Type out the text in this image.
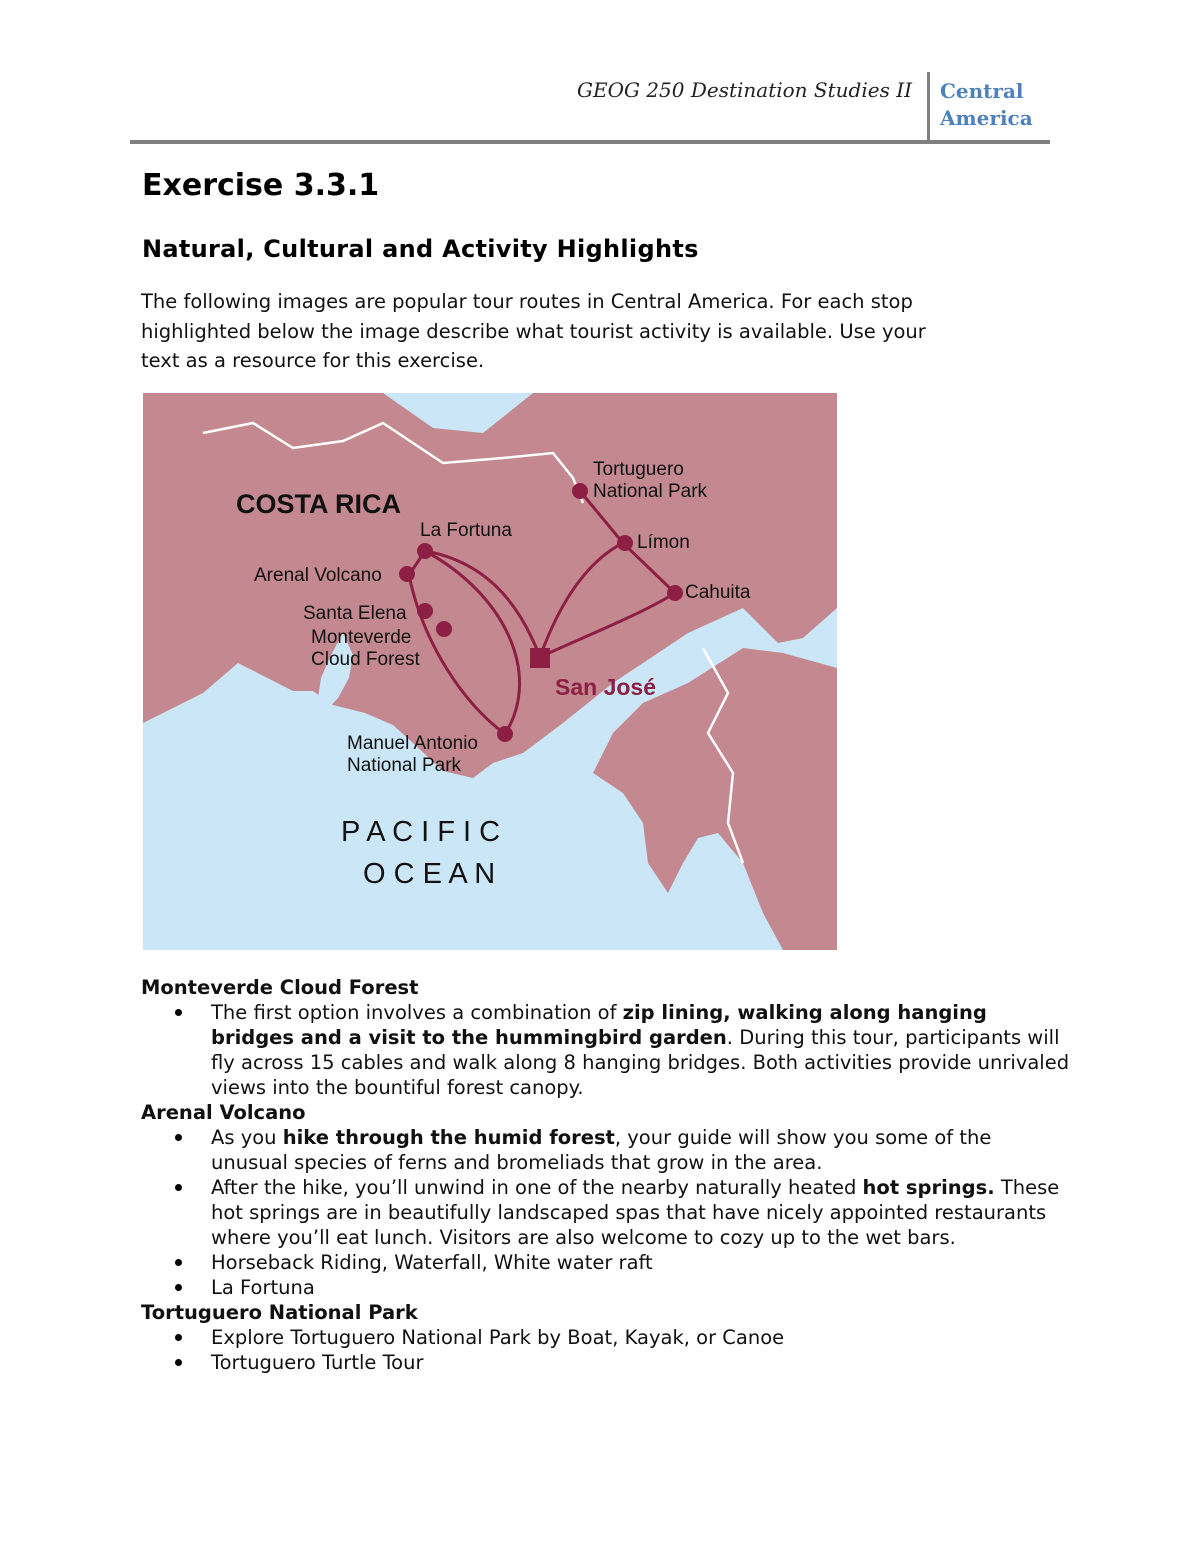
GEOG 250 Destination Studies II Central
America
Exercise 3.3.1
Natural, Cultural and Activity Highlights
The following images are popular tour routes in Central America. For each stop
highlighted below the image describe what tourist activity is available. Use your
text as a resource for this exercise.
COSTA RICA
Tortuguero
National Park
La Fortuna
Límon
Arenal Volcano
Cahuita
Santa Elena
Monteverde
Cloud Forest
San José
Manuel Antonio
National Park
P A C I F I C
O C E A N

Monteverde Cloud Forest

The first option involves a combination of zip lining, walking along hanging bridges and a visit to the hummingbird garden. During this tour, participants will fly across 15 cables and walk along 8 hanging bridges. Both activities provide unrivaled views into the bountiful forest canopy.

Arenal Volcano

As you hike through the humid forest, your guide will show you some of the unusual species of ferns and bromeliads that grow in the area.
After the hike, you’ll unwind in one of the nearby naturally heated hot springs. These hot springs are in beautifully landscaped spas that have nicely appointed restaurants where you’ll eat lunch. Visitors are also welcome to cozy up to the wet bars.
Horseback Riding, Waterfall, White water raft
La Fortuna

Tortuguero National Park

Explore Tortuguero National Park by Boat, Kayak, or Canoe
Tortuguero Turtle Tour
